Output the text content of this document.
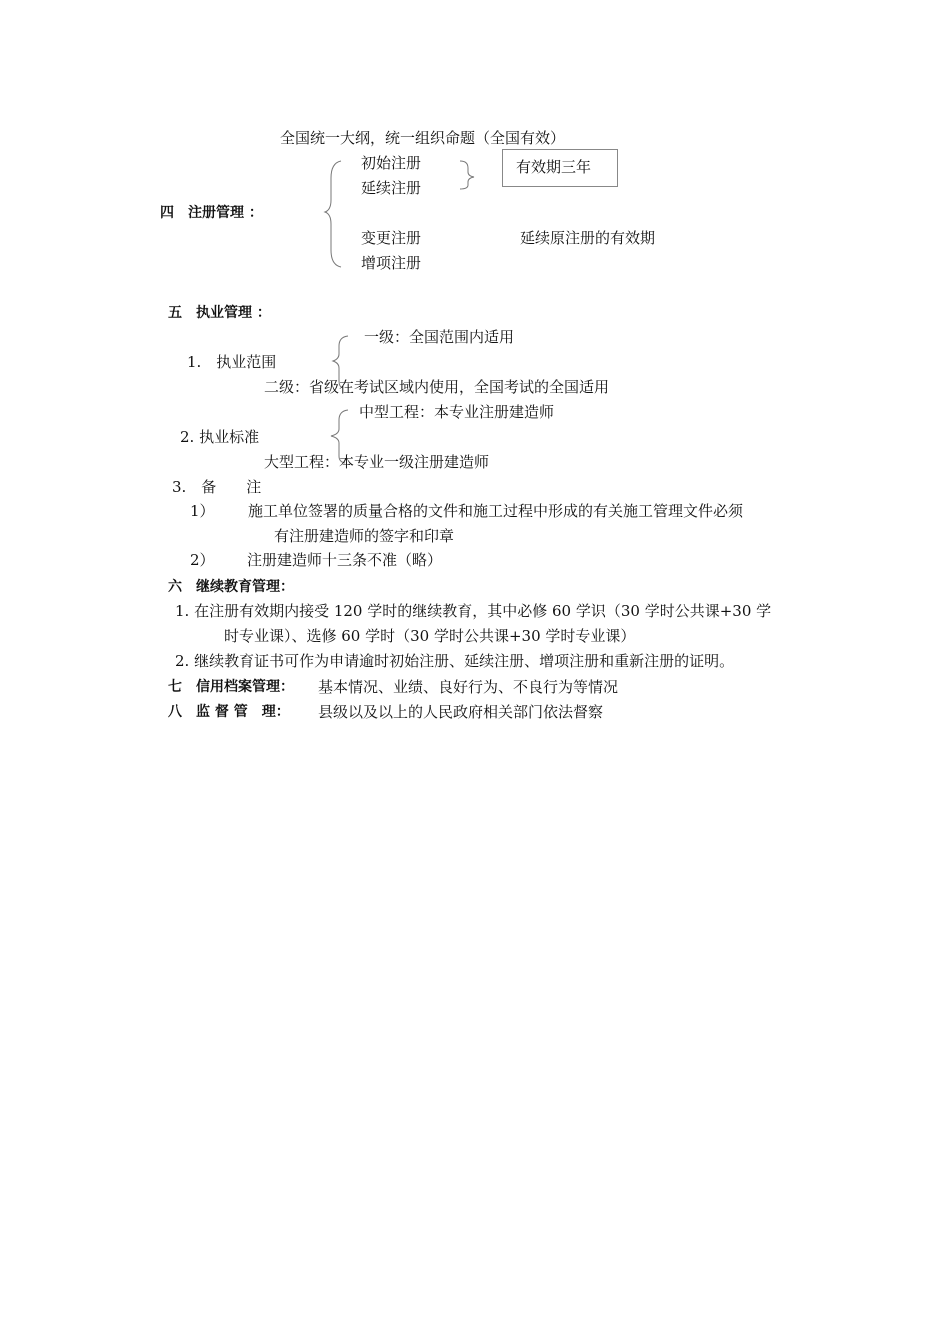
全国统一大纲，统一组织命题（全国有效）
有效期三年
初始注册
延续注册
四　注册管理 ：
变更注册	延续原注册的有效期
增项注册
五　执业管理 ：
一级：全国范围内适用
1.　执业范围
二级：省级在考试区域内使用，全国考试的全国适用
中型工程：本专业注册建造师
2. 执业标准
大型工程：本专业一级注册建造师
3.　备　　注
1） 施工单位签署的质量合格的文件和施工过程中形成的有关施工管理文件必须
有注册建造师的签字和印章
2） 注册建造师十三条不准（略）
六　继续教育管理：
1. 在注册有效期内接受 120 学时的继续教育，其中必修 60 学识（30 学时公共课+30 学
时专业课）、选修 60 学时（30 学时公共课+30 学时专业课）
2. 继续教育证书可作为申请逾时初始注册、延续注册、增项注册和重新注册的证明。
七　信用档案管理： 基本情况、业绩、良好行为、不良行为等情况
八　监 督 管　理： 县级以及以上的人民政府相关部门依法督察
